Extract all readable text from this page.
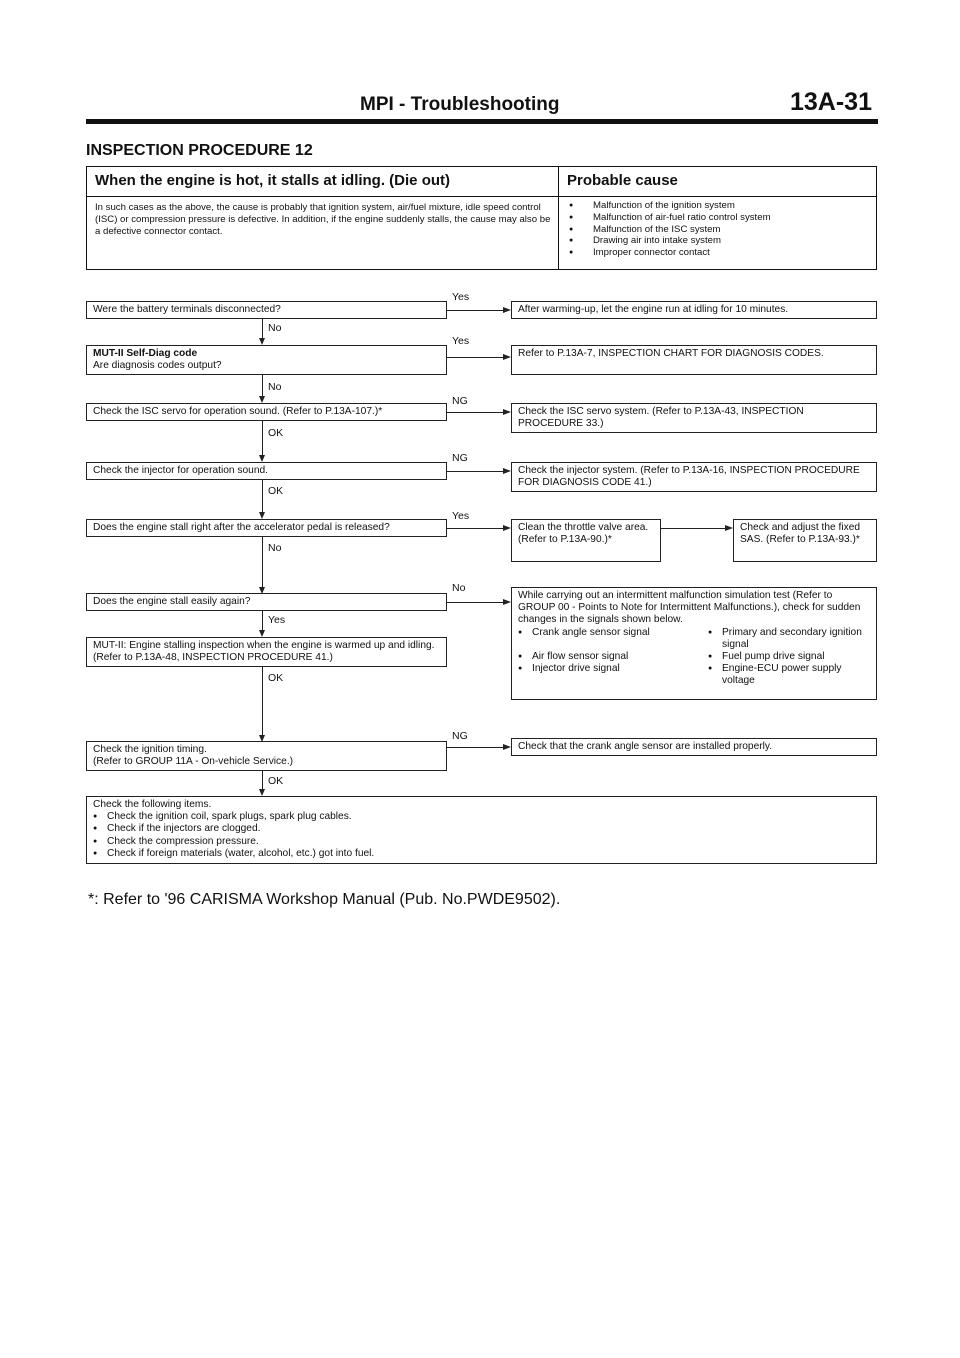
MPI - Troubleshooting	13A-31
INSPECTION PROCEDURE 12
When the engine is hot, it stalls at idling. (Die out)	Probable cause
In such cases as the above, the cause is probably that ignition system, air/fuel mixture, idle speed control (ISC) or compression pressure is defective. In addition, if the engine suddenly stalls, the cause may also be a defective connector contact.
● Malfunction of the ignition system
● Malfunction of air-fuel ratio control system
● Malfunction of the ISC system
● Drawing air into intake system
● Improper connector contact
Were the battery terminals disconnected?
Yes
After warming-up, let the engine run at idling for 10 minutes.
No
MUT-II Self-Diag code
Are diagnosis codes output?
Yes
Refer to P.13A-7, INSPECTION CHART FOR DIAGNOSIS CODES.
No
Check the ISC servo for operation sound. (Refer to P.13A-107.)*
NG
Check the ISC servo system. (Refer to P.13A-43, INSPECTION PROCEDURE 33.)
OK
Check the injector for operation sound.
NG
Check the injector system. (Refer to P.13A-16, INSPECTION PROCEDURE FOR DIAGNOSIS CODE 41.)
OK
Does the engine stall right after the accelerator pedal is released?
Yes
Clean the throttle valve area. (Refer to P.13A-90.)*
Check and adjust the fixed SAS. (Refer to P.13A-93.)*
No
Does the engine stall easily again?
No
While carrying out an intermittent malfunction simulation test (Refer to GROUP 00 - Points to Note for Intermittent Malfunctions.), check for sudden changes in the signals shown below.
● Crank angle sensor signal	● Primary and secondary ignition signal
● Air flow sensor signal	● Fuel pump drive signal
● Injector drive signal	● Engine-ECU power supply voltage
Yes
MUT-II: Engine stalling inspection when the engine is warmed up and idling. (Refer to P.13A-48, INSPECTION PROCEDURE 41.)
OK
Check the ignition timing.
(Refer to GROUP 11A - On-vehicle Service.)
NG
Check that the crank angle sensor are installed properly.
OK
Check the following items.
● Check the ignition coil, spark plugs, spark plug cables.
● Check if the injectors are clogged.
● Check the compression pressure.
● Check if foreign materials (water, alcohol, etc.) got into fuel.
*: Refer to '96 CARISMA Workshop Manual (Pub. No.PWDE9502).
